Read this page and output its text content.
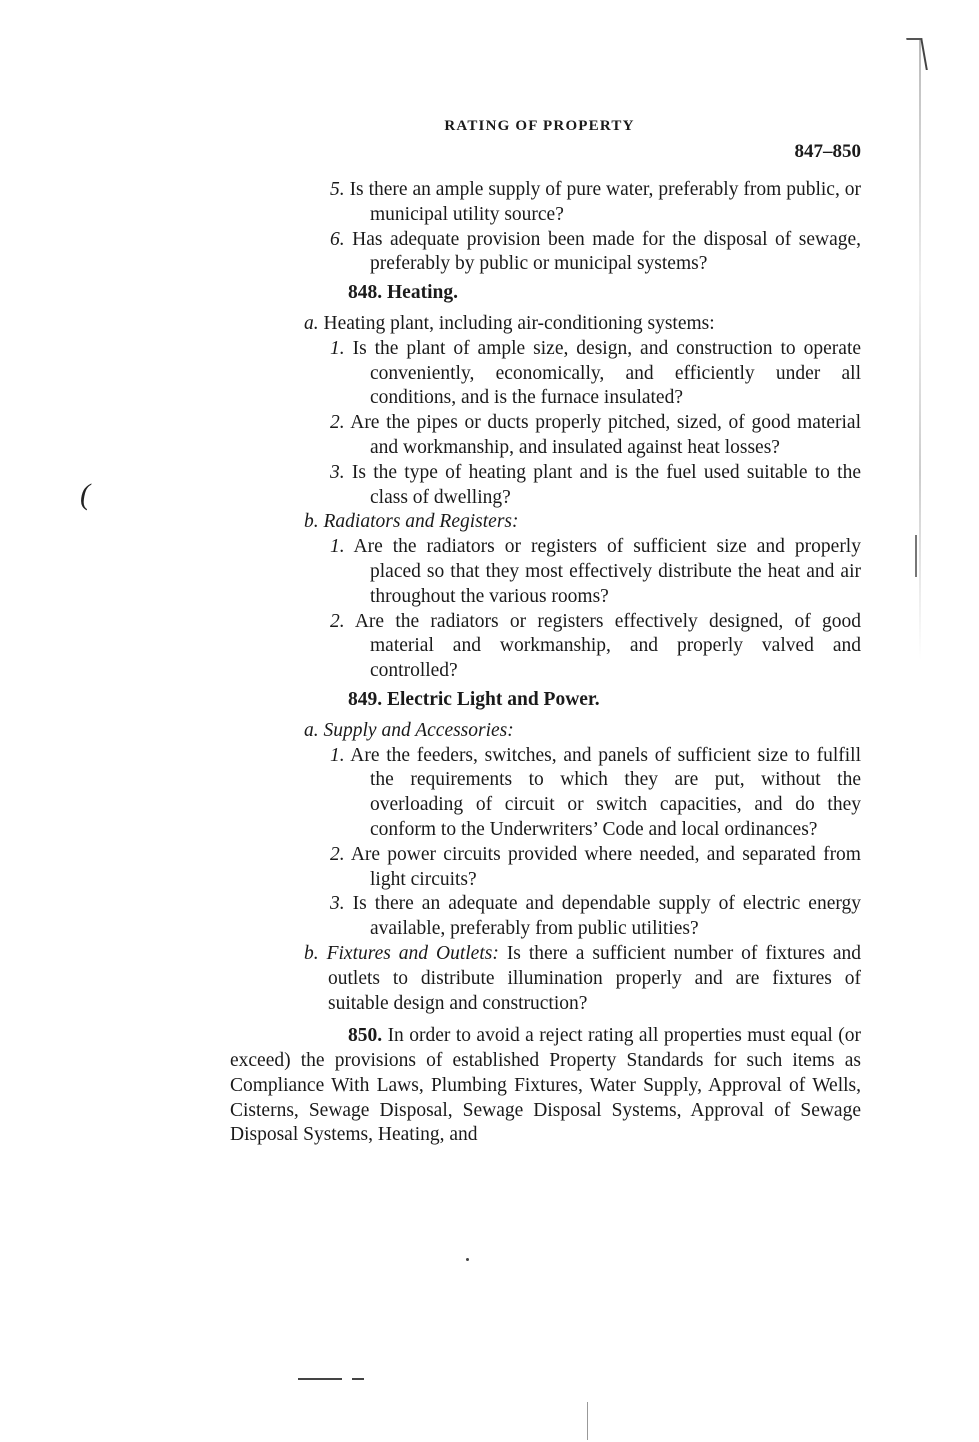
(
RATING OF PROPERTY
847–850
5. Is there an ample supply of pure water, preferably from public, or municipal utility source?
6. Has adequate provision been made for the disposal of sewage, preferably by public or municipal systems?
848. Heating.
a. Heating plant, including air-conditioning systems:
1. Is the plant of ample size, design, and construction to operate conveniently, economically, and efficiently under all conditions, and is the furnace insulated?
2. Are the pipes or ducts properly pitched, sized, of good material and workmanship, and insulated against heat losses?
3. Is the type of heating plant and is the fuel used suitable to the class of dwelling?
b. Radiators and Registers:
1. Are the radiators or registers of sufficient size and properly placed so that they most effectively distribute the heat and air throughout the various rooms?
2. Are the radiators or registers effectively designed, of good material and workmanship, and properly valved and controlled?
849. Electric Light and Power.
a. Supply and Accessories:
1. Are the feeders, switches, and panels of sufficient size to fulfill the requirements to which they are put, without the overloading of circuit or switch capacities, and do they conform to the Underwriters’ Code and local ordinances?
2. Are power circuits provided where needed, and separated from light circuits?
3. Is there an adequate and dependable supply of electric energy available, preferably from public utilities?
b. Fixtures and Outlets: Is there a sufficient number of fixtures and outlets to distribute illumination properly and are fixtures of suitable design and construction?
850. In order to avoid a reject rating all properties must equal (or exceed) the provisions of established Property Standards for such items as Compliance With Laws, Plumbing Fixtures, Water Supply, Approval of Wells, Cisterns, Sewage Disposal, Sewage Disposal Systems, Approval of Sewage Disposal Systems, Heating, and
